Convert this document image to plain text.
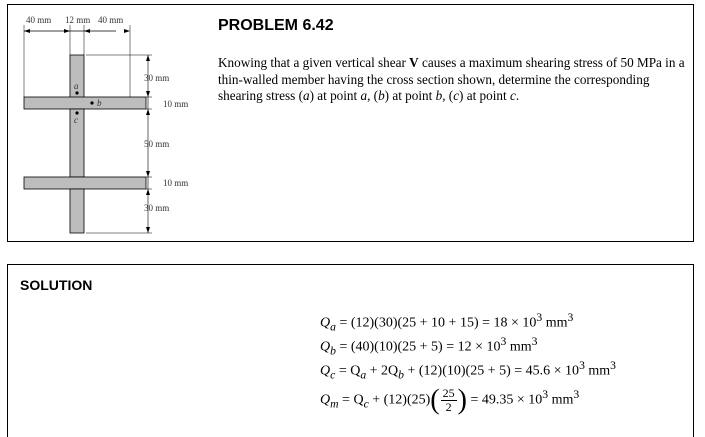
40 mm 12 mm 40 mm
a
b
c
30 mm
10 mm
50 mm
10 mm
30 mm
PROBLEM 6.42
Knowing that a given vertical shear V causes a maximum shearing stress of 50 MPa in a thin-walled member having the cross section shown, determine the corresponding shearing stress (a) at point a, (b) at point b, (c) at point c.
SOLUTION
$Q_a = (12)(30)(25 + 10 + 15) = 18 \times 10^3$ $mm^3$
$Q_b = (40)(10)(25 + 5) = 12 \times 10^3$ $mm^3$
$Q_c = Q_a + 2Q_b + (12)(10)(25 + 5) = 45.6 \times 10^3$ $mm^3$
$Q_m = Q_c + (12)(25)( \frac{25}{2}$ ) = $49.35 \times 10^3$ $mm^3$
